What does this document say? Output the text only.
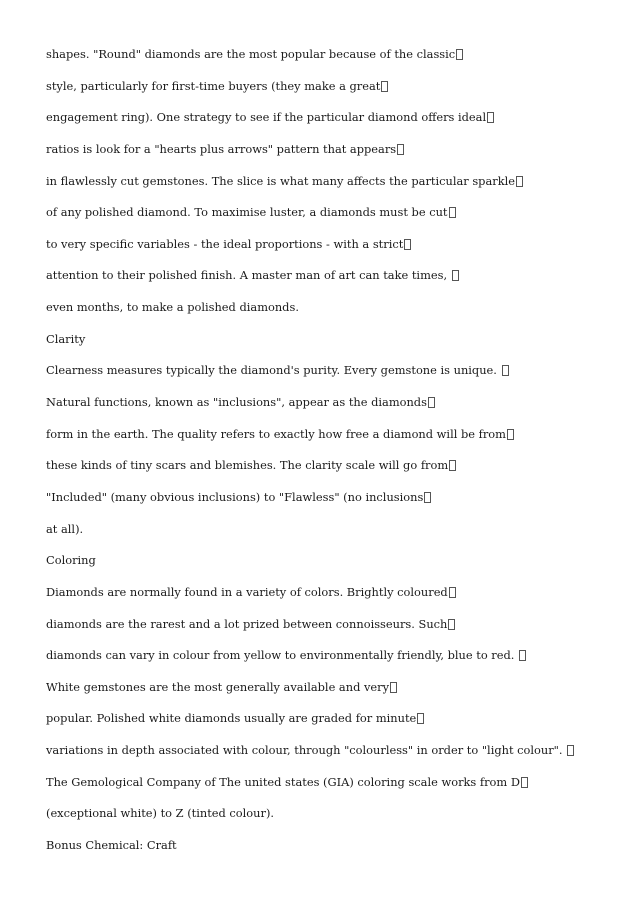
shapes. "Round" diamonds are the most popular because of the classic
style, particularly for first-time buyers (they make a great
engagement ring). One strategy to see if the particular diamond offers ideal
ratios is look for a "hearts plus arrows" pattern that appears
in flawlessly cut gemstones. The slice is what many affects the particular sparkle
of any polished diamond. To maximise luster, a diamonds must be cut
to very specific variables - the ideal proportions - with a strict
attention to their polished finish. A master man of art can take times,
even months, to make a polished diamonds.
Clarity
Clearness measures typically the diamond's purity. Every gemstone is unique.
Natural functions, known as "inclusions", appear as the diamonds
form in the earth. The quality refers to exactly how free a diamond will be from
these kinds of tiny scars and blemishes. The clarity scale will go from
"Included" (many obvious inclusions) to "Flawless" (no inclusions
at all).
Coloring
Diamonds are normally found in a variety of colors. Brightly coloured
diamonds are the rarest and a lot prized between connoisseurs. Such
diamonds can vary in colour from yellow to environmentally friendly, blue to red.
White gemstones are the most generally available and very
popular. Polished white diamonds usually are graded for minute
variations in depth associated with colour, through "colourless" in order to "light colour".
The Gemological Company of The united states (GIA) coloring scale works from D
(exceptional white) to Z (tinted colour).
Bonus Chemical: Craft
